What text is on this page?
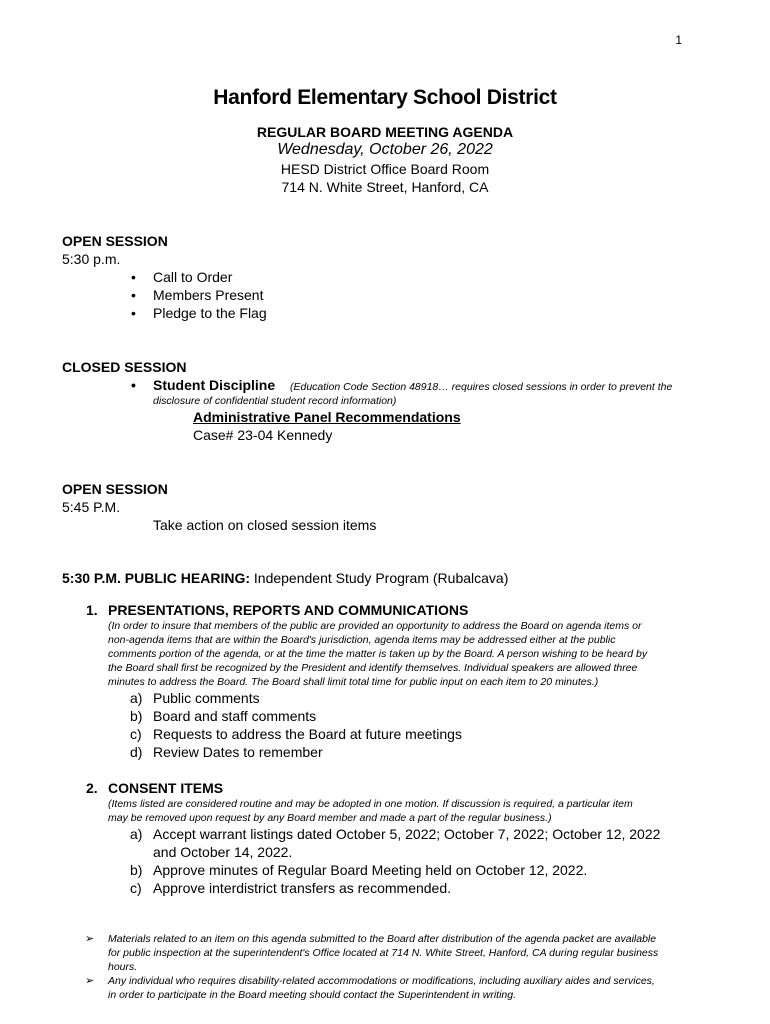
1
Hanford Elementary School District
REGULAR BOARD MEETING AGENDA
Wednesday, October 26, 2022
HESD District Office Board Room
714 N. White Street, Hanford, CA
OPEN SESSION
5:30 p.m.
• Call to Order
• Members Present
• Pledge to the Flag
CLOSED SESSION
• Student Discipline (Education Code Section 48918… requires closed sessions in order to prevent the
disclosure of confidential student record information)
Administrative Panel Recommendations
Case# 23-04 Kennedy
OPEN SESSION
5:45 P.M.
Take action on closed session items
5:30 P.M. PUBLIC HEARING: Independent Study Program (Rubalcava)
1. PRESENTATIONS, REPORTS AND COMMUNICATIONS
(In order to insure that members of the public are provided an opportunity to address the Board on agenda items or
non-agenda items that are within the Board's jurisdiction, agenda items may be addressed either at the public
comments portion of the agenda, or at the time the matter is taken up by the Board. A person wishing to be heard by
the Board shall first be recognized by the President and identify themselves. Individual speakers are allowed three
minutes to address the Board. The Board shall limit total time for public input on each item to 20 minutes.)
a) Public comments
b) Board and staff comments
c) Requests to address the Board at future meetings
d) Review Dates to remember
2. CONSENT ITEMS
(Items listed are considered routine and may be adopted in one motion. If discussion is required, a particular item
may be removed upon request by any Board member and made a part of the regular business.)
a) Accept warrant listings dated October 5, 2022; October 7, 2022; October 12, 2022
and October 14, 2022.
b) Approve minutes of Regular Board Meeting held on October 12, 2022.
c) Approve interdistrict transfers as recommended.
➢ Materials related to an item on this agenda submitted to the Board after distribution of the agenda packet are available
for public inspection at the superintendent's Office located at 714 N. White Street, Hanford, CA during regular business
hours.
➢ Any individual who requires disability-related accommodations or modifications, including auxiliary aides and services,
in order to participate in the Board meeting should contact the Superintendent in writing.
